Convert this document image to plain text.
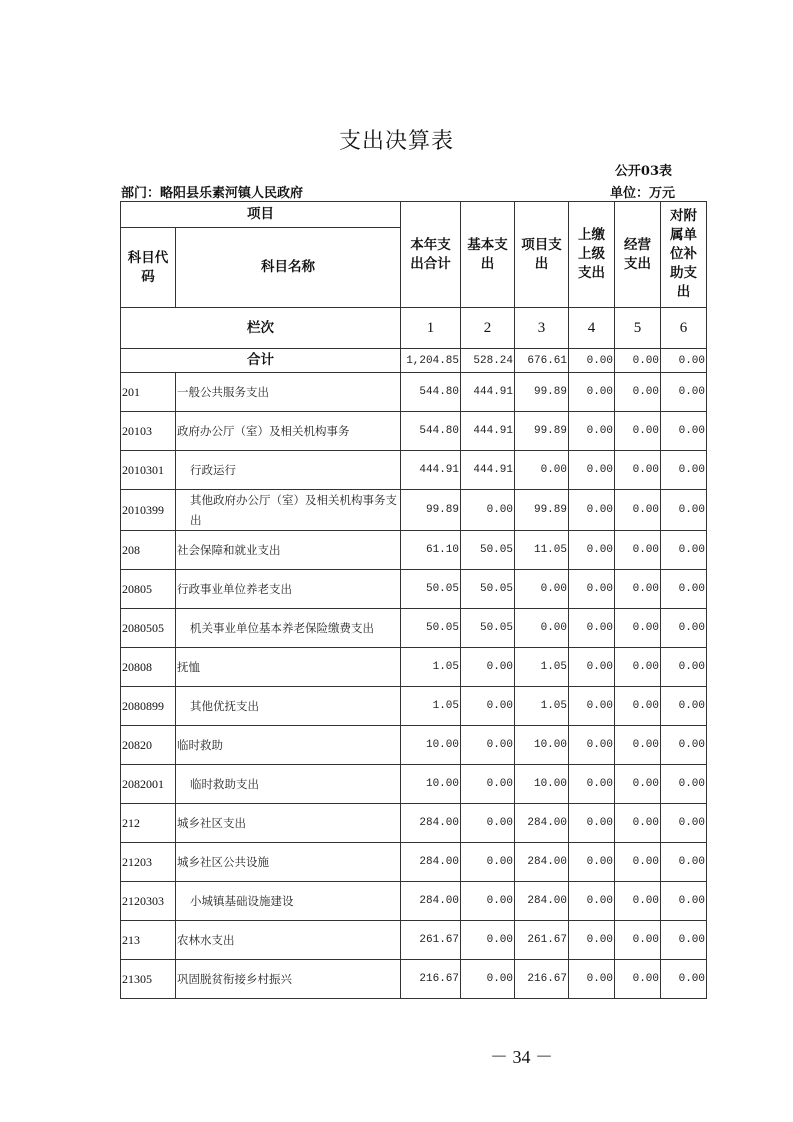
支出决算表
公开03表
部门：略阳县乐素河镇人民政府	单位：万元
项目		本年支出合计	基本支出	项目支出	上缴上级支出	经营支出	对附属单位补助支出
科目代码	科目名称						
栏次		1	2	3	4	5	6
合计		1,204.85	528.24	676.61	0.00	0.00	0.00
201	一般公共服务支出	544.80	444.91	99.89	0.00	0.00	0.00
20103	政府办公厅（室）及相关机构事务	544.80	444.91	99.89	0.00	0.00	0.00
2010301	行政运行	444.91	444.91	0.00	0.00	0.00	0.00
2010399	其他政府办公厅（室）及相关机构事务支出	99.89	0.00	99.89	0.00	0.00	0.00
208	社会保障和就业支出	61.10	50.05	11.05	0.00	0.00	0.00
20805	行政事业单位养老支出	50.05	50.05	0.00	0.00	0.00	0.00
2080505	机关事业单位基本养老保险缴费支出	50.05	50.05	0.00	0.00	0.00	0.00
20808	抚恤	1.05	0.00	1.05	0.00	0.00	0.00
2080899	其他优抚支出	1.05	0.00	1.05	0.00	0.00	0.00
20820	临时救助	10.00	0.00	10.00	0.00	0.00	0.00
2082001	临时救助支出	10.00	0.00	10.00	0.00	0.00	0.00
212	城乡社区支出	284.00	0.00	284.00	0.00	0.00	0.00
21203	城乡社区公共设施	284.00	0.00	284.00	0.00	0.00	0.00
2120303	小城镇基础设施建设	284.00	0.00	284.00	0.00	0.00	0.00
213	农林水支出	261.67	0.00	261.67	0.00	0.00	0.00
21305	巩固脱贫衔接乡村振兴	216.67	0.00	216.67	0.00	0.00	0.00
－ 34 －
